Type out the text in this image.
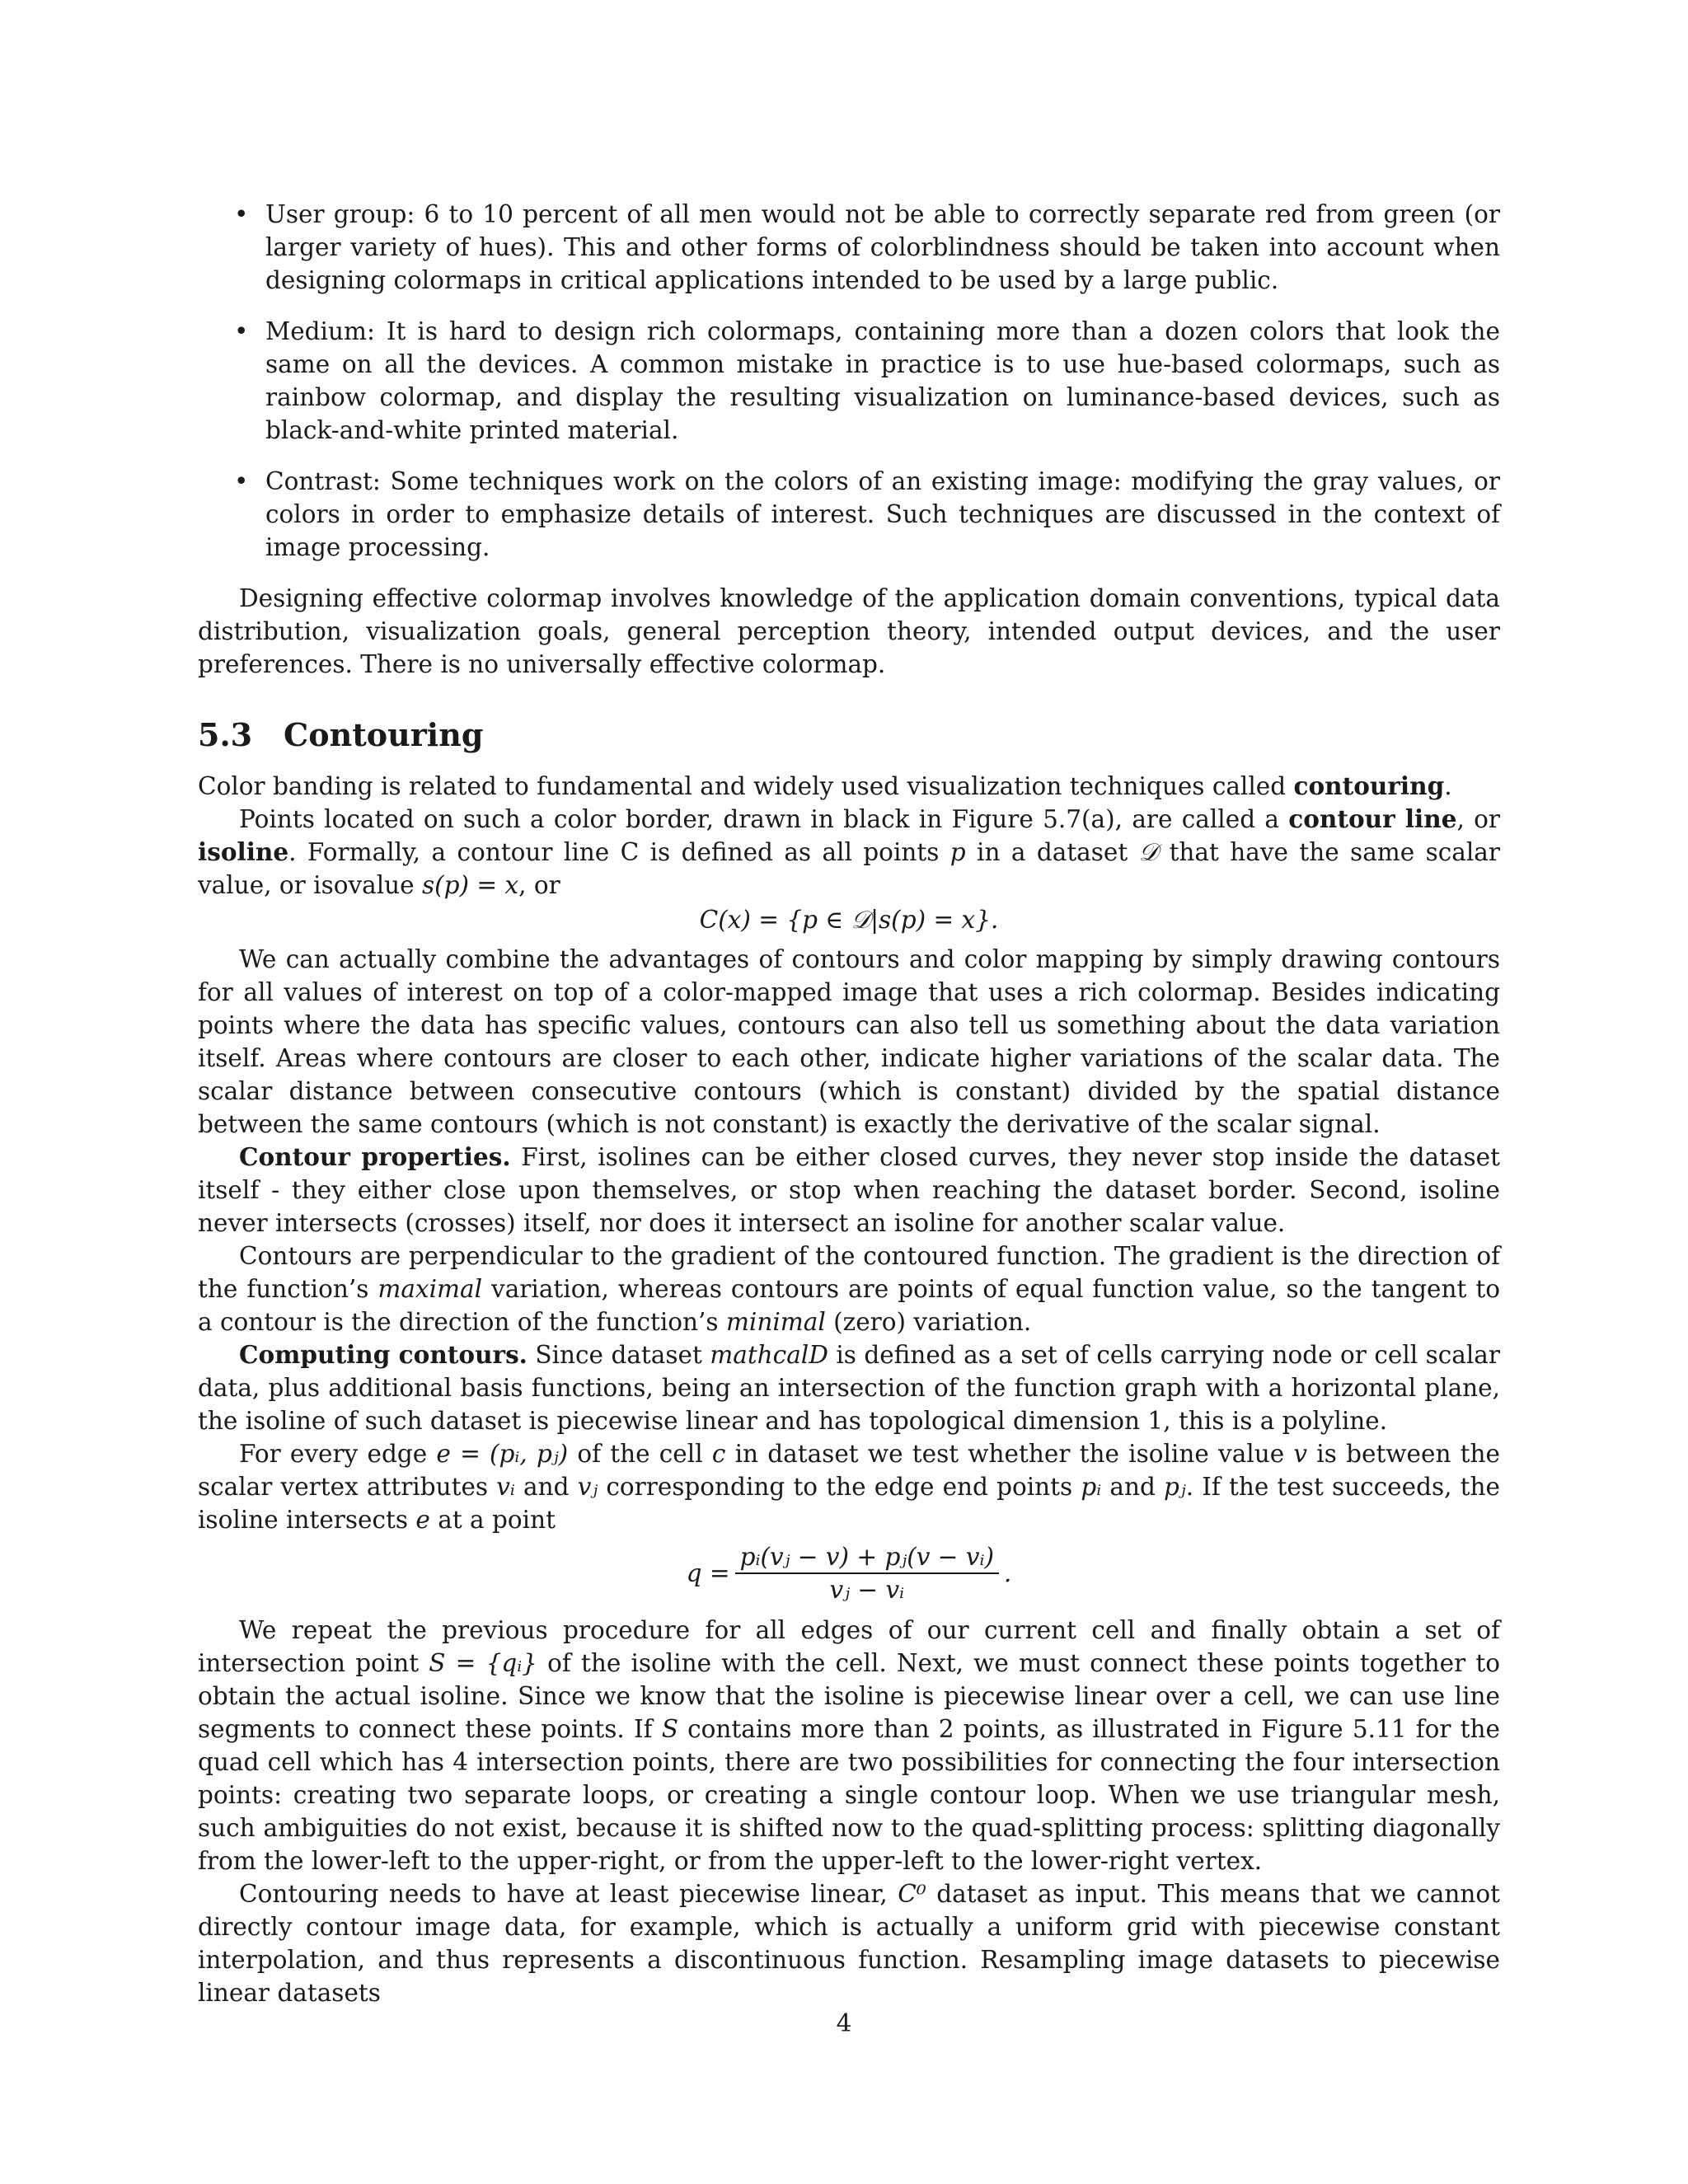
• User group: 6 to 10 percent of all men would not be able to correctly separate red from green (or larger variety of hues). This and other forms of colorblindness should be taken into account when designing colormaps in critical applications intended to be used by a large public.
• Medium: It is hard to design rich colormaps, containing more than a dozen colors that look the same on all the devices. A common mistake in practice is to use hue-based colormaps, such as rainbow colormap, and display the resulting visualization on luminance-based devices, such as black-and-white printed material.
• Contrast: Some techniques work on the colors of an existing image: modifying the gray values, or colors in order to emphasize details of interest. Such techniques are discussed in the context of image processing.

Designing effective colormap involves knowledge of the application domain conventions, typical data distribution, visualization goals, general perception theory, intended output devices, and the user preferences. There is no universally effective colormap.

5.3 Contouring

Color banding is related to fundamental and widely used visualization techniques called contouring.

Points located on such a color border, drawn in black in Figure 5.7(a), are called a contour line, or isoline. Formally, a contour line C is defined as all points p in a dataset 𝒟 that have the same scalar value, or isovalue s(p) = x, or

C(x) = {p ∈ 𝒟|s(p) = x}.

We can actually combine the advantages of contours and color mapping by simply drawing contours for all values of interest on top of a color-mapped image that uses a rich colormap. Besides indicating points where the data has specific values, contours can also tell us something about the data variation itself. Areas where contours are closer to each other, indicate higher variations of the scalar data. The scalar distance between consecutive contours (which is constant) divided by the spatial distance between the same contours (which is not constant) is exactly the derivative of the scalar signal.

Contour properties. First, isolines can be either closed curves, they never stop inside the dataset itself - they either close upon themselves, or stop when reaching the dataset border. Second, isoline never intersects (crosses) itself, nor does it intersect an isoline for another scalar value.

Contours are perpendicular to the gradient of the contoured function. The gradient is the direction of the function’s maximal variation, whereas contours are points of equal function value, so the tangent to a contour is the direction of the function’s minimal (zero) variation.

Computing contours. Since dataset mathcalD is defined as a set of cells carrying node or cell scalar data, plus additional basis functions, being an intersection of the function graph with a horizontal plane, the isoline of such dataset is piecewise linear and has topological dimension 1, this is a polyline.

For every edge e = (pᵢ, pⱼ) of the cell c in dataset we test whether the isoline value v is between the scalar vertex attributes vᵢ and vⱼ corresponding to the edge end points pᵢ and pⱼ. If the test succeeds, the isoline intersects e at a point

$q = \frac{\text{pᵢ(vⱼ − v) + pⱼ(v − vᵢ)}}{\text{vⱼ − vᵢ}}$ .

We repeat the previous procedure for all edges of our current cell and finally obtain a set of intersection point S = {qᵢ} of the isoline with the cell. Next, we must connect these points together to obtain the actual isoline. Since we know that the isoline is piecewise linear over a cell, we can use line segments to connect these points. If S contains more than 2 points, as illustrated in Figure 5.11 for the quad cell which has 4 intersection points, there are two possibilities for connecting the four intersection points: creating two separate loops, or creating a single contour loop. When we use triangular mesh, such ambiguities do not exist, because it is shifted now to the quad-splitting process: splitting diagonally from the lower-left to the upper-right, or from the upper-left to the lower-right vertex.

Contouring needs to have at least piecewise linear, C⁰ dataset as input. This means that we cannot directly contour image data, for example, which is actually a uniform grid with piecewise constant interpolation, and thus represents a discontinuous function. Resampling image datasets to piecewise linear datasets

4
